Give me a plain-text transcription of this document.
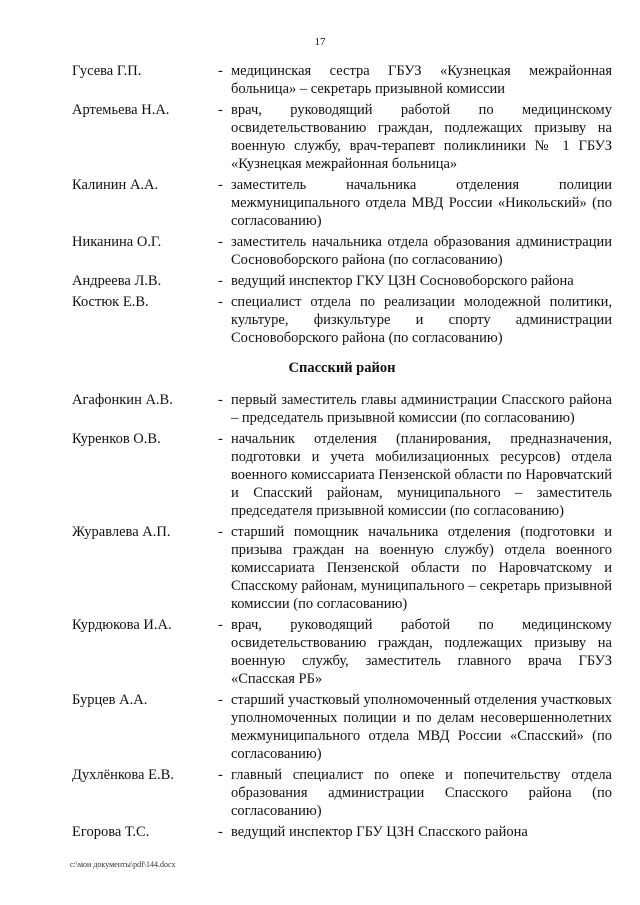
17
Гусева Г.П.	- медицинская сестра ГБУЗ «Кузнецкая межрайонная больница» – секретарь призывной комиссии
Артемьева Н.А.	- врач, руководящий работой по медицинскому освидетельствованию граждан, подлежащих призыву на военную службу, врач-терапевт поликлиники № 1 ГБУЗ «Кузнецкая межрайонная больница»
Калинин А.А.	- заместитель начальника отделения полиции межмуниципального отдела МВД России «Никольский» (по согласованию)
Никанина О.Г.	- заместитель начальника отдела образования администрации Сосновоборского района (по согласованию)
Андреева Л.В.	- ведущий инспектор ГКУ ЦЗН Сосновоборского района
Костюк Е.В.	- специалист отдела по реализации молодежной политики, культуре, физкультуре и спорту администрации Сосновоборского района (по согласованию)
Спасский район
Агафонкин А.В.	- первый заместитель главы администрации Спасского района – председатель призывной комиссии (по согласованию)
Куренков О.В.	- начальник отделения (планирования, предназначения, подготовки и учета мобилизационных ресурсов) отдела военного комиссариата Пензенской области по Наровчатский и Спасский районам, муниципального – заместитель председателя призывной комиссии (по согласованию)
Журавлева А.П.	- старший помощник начальника отделения (подготовки и призыва граждан на военную службу) отдела военного комиссариата Пензенской области по Наровчатскому и Спасскому районам, муниципального – секретарь призывной комиссии (по согласованию)
Курдюкова И.А.	- врач, руководящий работой по медицинскому освидетельствованию граждан, подлежащих призыву на военную службу, заместитель главного врача ГБУЗ «Спасская РБ»
Бурцев А.А.	- старший участковый уполномоченный отделения участковых уполномоченных полиции и по делам несовершеннолетних межмуниципального отдела МВД России «Спасский» (по согласованию)
Духлёнкова Е.В.	- главный специалист по опеке и попечительству отдела образования администрации Спасского района (по согласованию)
Егорова Т.С.	- ведущий инспектор ГБУ ЦЗН Спасского района
c:\мои документы\pdf\144.docx
